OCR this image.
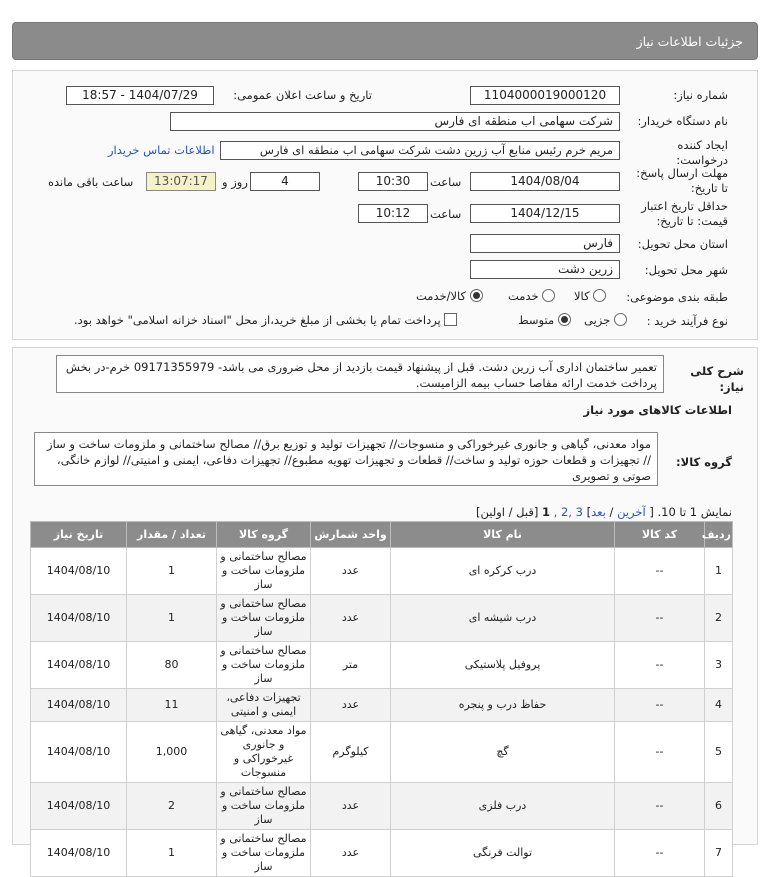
جزئیات اطلاعات نیاز
شماره نیاز:
1104000019000120
تاریخ و ساعت اعلان عمومی:
1404/07/29 - 18:57
نام دستگاه خریدار:
شرکت سهامی اب منطقه ای فارس
ایجاد کننده درخواست:
مریم خرم رئیس منابع آب زرین دشت شرکت سهامی اب منطقه ای فارس
اطلاعات تماس خریدار
مهلت ارسال پاسخ: تا تاریخ:
1404/08/04
ساعت
10:30
4
روز و
13:07:17
ساعت باقی مانده
حداقل تاریخ اعتبار قیمت: تا تاریخ:
1404/12/15
ساعت
10:12
استان محل تحویل:
فارس
شهر محل تحویل:
زرین دشت
طبقه بندی موضوعی:
کالا
خدمت
کالا/خدمت
نوع فرآیند خرید :
جزیی
متوسط
پرداخت تمام یا بخشی از مبلغ خرید،از محل "اسناد خزانه اسلامی" خواهد بود.
شرح کلی نیاز:
تعمیر ساختمان اداری آب زرین دشت. قبل از پیشنهاد قیمت بازدید از محل ضروری می باشد- 09171355979 خرم-در بخش پرداخت خدمت ارائه مفاصا حساب بیمه الزامیست.
اطلاعات کالاهای مورد نیاز
گروه کالا:
مواد معدنی، گیاهی و جانوری غیرخوراکی و منسوجات// تجهیزات تولید و توزیع برق// مصالح ساختمانی و ملزومات ساخت و ساز // تجهیزات و قطعات حوزه تولید و ساخت// قطعات و تجهیزات تهویه مطبوع// تجهیزات دفاعی، ایمنی و امنیتی// لوازم خانگی، صوتی و تصویری
نمایش 1 تا 10. [ آخرین / بعد] 3 ,2 , 1 [قبل / اولین]
ردیف	کد کالا	نام کالا	واحد شمارش	گروه کالا	تعداد / مقدار	تاریخ نیاز
1	--	درب کرکره ای	عدد	مصالح ساختمانی و ملزومات ساخت و ساز	1	1404/08/10
2	--	درب شیشه ای	عدد	مصالح ساختمانی و ملزومات ساخت و ساز	1	1404/08/10
3	--	پروفیل پلاستیکی	متر	مصالح ساختمانی و ملزومات ساخت و ساز	80	1404/08/10
4	--	حفاظ درب و پنجره	عدد	تجهیزات دفاعی، ایمنی و امنیتی	11	1404/08/10
5	--	گچ	کیلوگرم	مواد معدنی، گیاهی و جانوری غیرخوراکی و منسوجات	1,000	1404/08/10
6	--	درب فلزی	عدد	مصالح ساختمانی و ملزومات ساخت و ساز	2	1404/08/10
7	--	توالت فرنگی	عدد	مصالح ساختمانی و ملزومات ساخت و ساز	1	1404/08/10
